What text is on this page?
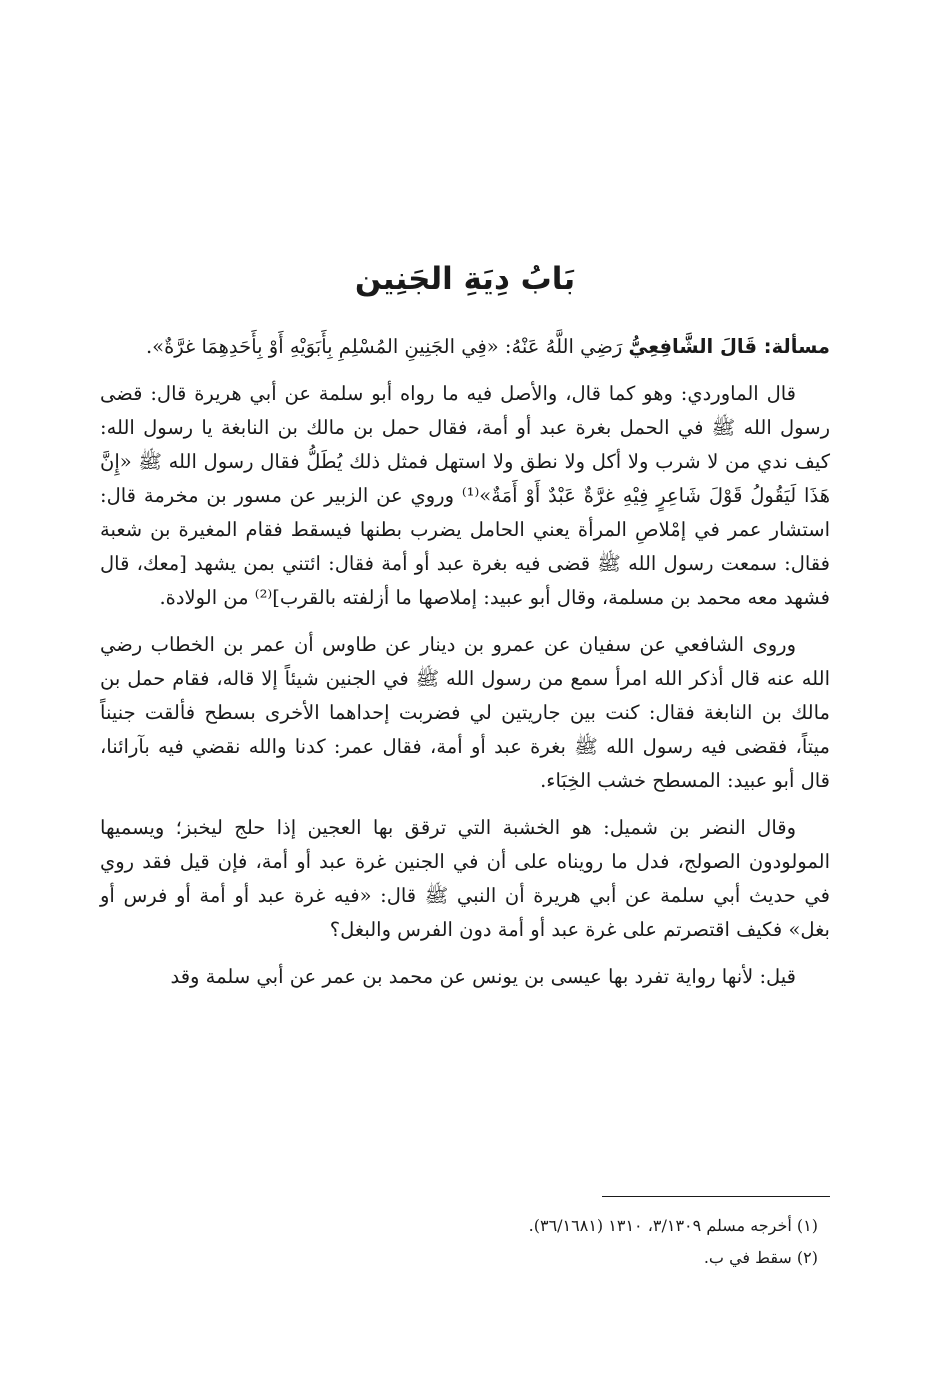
بَابُ دِيَةِ الجَنِين

مسألة: قَالَ الشَّافِعِيُّ رَضِي اللَّهُ عَنْهُ: «فِي الجَنِينِ المُسْلِمِ بِأَبَوَيْهِ أَوْ بِأَحَدِهِمَا غرَّةٌ».

قال الماوردي: وهو كما قال، والأصل فيه ما رواه أبو سلمة عن أبي هريرة قال: قضى رسول الله ﷺ في الحمل بغرة عبد أو أمة، فقال حمل بن مالك بن النابغة يا رسول الله: كيف ندي من لا شرب ولا أكل ولا نطق ولا استهل فمثل ذلك يُطَلُّ فقال رسول الله ﷺ «إِنَّ هَذَا لَيَقُولُ قَوْلَ شَاعِرٍ فِيْهِ غرَّةٌ عَبْدٌ أَوْ أَمَةٌ»⁽¹⁾ وروي عن الزبير عن مسور بن مخرمة قال: استشار عمر في إمْلاصِ المرأة يعني الحامل يضرب بطنها فيسقط فقام المغيرة بن شعبة فقال: سمعت رسول الله ﷺ قضى فيه بغرة عبد أو أمة فقال: ائتني بمن يشهد [معك، قال فشهد معه محمد بن مسلمة، وقال أبو عبيد: إملاصها ما أزلفته بالقرب]⁽²⁾ من الولادة.

وروى الشافعي عن سفيان عن عمرو بن دينار عن طاوس أن عمر بن الخطاب رضي الله عنه قال أذكر الله امرأ سمع من رسول الله ﷺ في الجنين شيئاً إلا قاله، فقام حمل بن مالك بن النابغة فقال: كنت بين جاريتين لي فضربت إحداهما الأخرى بسطح فألقت جنيناً ميتاً، فقضى فيه رسول الله ﷺ بغرة عبد أو أمة، فقال عمر: كدنا والله نقضي فيه بآرائنا، قال أبو عبيد: المسطح خشب الخِبَاء.

وقال النضر بن شميل: هو الخشبة التي ترقق بها العجين إذا حلج ليخبز؛ ويسميها المولودون الصولج، فدل ما رويناه على أن في الجنين غرة عبد أو أمة، فإن قيل فقد روي في حديث أبي سلمة عن أبي هريرة أن النبي ﷺ قال: «فيه غرة عبد أو أمة أو فرس أو بغل» فكيف اقتصرتم على غرة عبد أو أمة دون الفرس والبغل؟

قيل: لأنها رواية تفرد بها عيسى بن يونس عن محمد بن عمر عن أبي سلمة وقد

(١) أخرجه مسلم ٣/١٣٠٩، ١٣١٠ (٣٦/١٦٨١).

(٢) سقط في ب.
